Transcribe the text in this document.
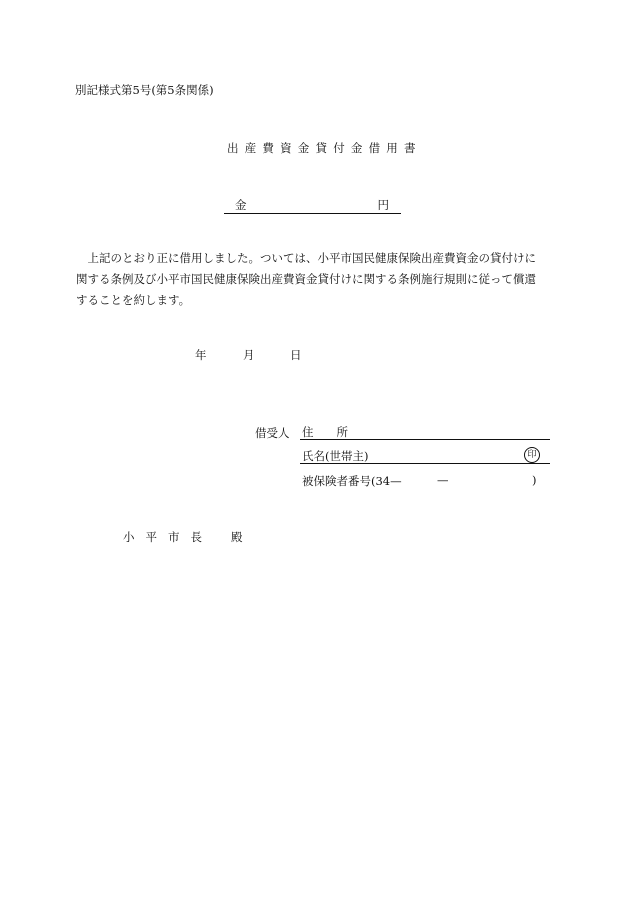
別記様式第5号(第5条関係)
出産費資金貸付金借用書
金	円

　上記のとおり正に借用しました。ついては、小平市国民健康保険出産費資金の貸付けに

関する条例及び小平市国民健康保険出産費資金貸付けに関する条例施行規則に従って償還

することを約します。

年	月	日
借受人 住　　所
氏名(世帯主)	印
被保険者番号(34—	—	)
小平市長 殿
